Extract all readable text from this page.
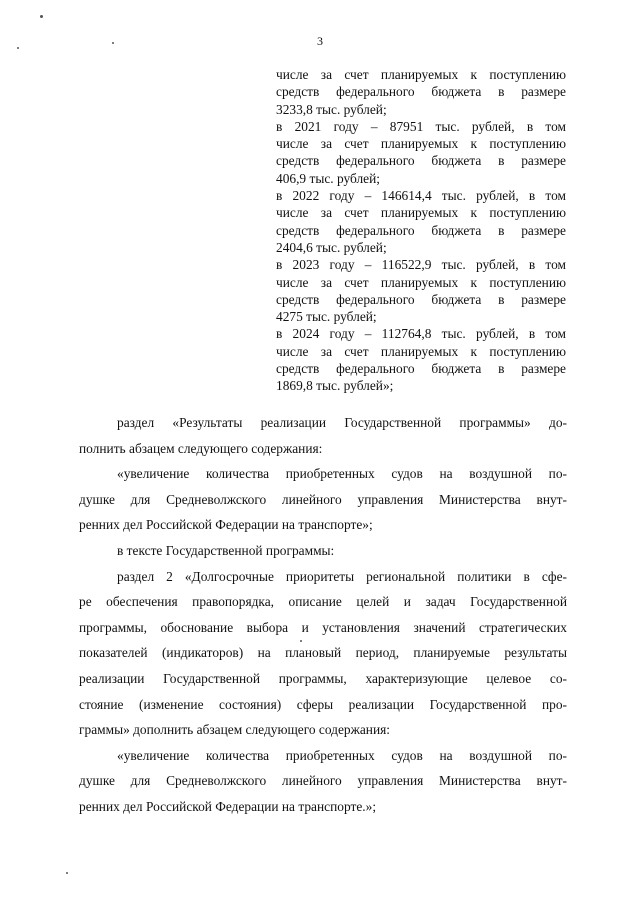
3
числе за счет планируемых к поступлению
средств федерального бюджета в размере
3233,8 тыс. рублей;
в 2021 году – 87951 тыс. рублей, в том
числе за счет планируемых к поступлению
средств федерального бюджета в размере
406,9 тыс. рублей;
в 2022 году – 146614,4 тыс. рублей, в том
числе за счет планируемых к поступлению
средств федерального бюджета в размере
2404,6 тыс. рублей;
в 2023 году – 116522,9 тыс. рублей, в том
числе за счет планируемых к поступлению
средств федерального бюджета в размере
4275 тыс. рублей;
в 2024 году – 112764,8 тыс. рублей, в том
числе за счет планируемых к поступлению
средств федерального бюджета в размере
1869,8 тыс. рублей»;
раздел «Результаты реализации Государственной программы» до-
полнить абзацем следующего содержания:
«увеличение количества приобретенных судов на воздушной по-
душке для Средневолжского линейного управления Министерства внут-
ренних дел Российской Федерации на транспорте»;
в тексте Государственной программы:
раздел 2 «Долгосрочные приоритеты региональной политики в сфе-
ре обеспечения правопорядка, описание целей и задач Государственной
программы, обоснование выбора и установления значений стратегических
показателей (индикаторов) на плановый период, планируемые результаты
реализации Государственной программы, характеризующие целевое со-
стояние (изменение состояния) сферы реализации Государственной про-
граммы» дополнить абзацем следующего содержания:
«увеличение количества приобретенных судов на воздушной по-
душке для Средневолжского линейного управления Министерства внут-
ренних дел Российской Федерации на транспорте.»;
